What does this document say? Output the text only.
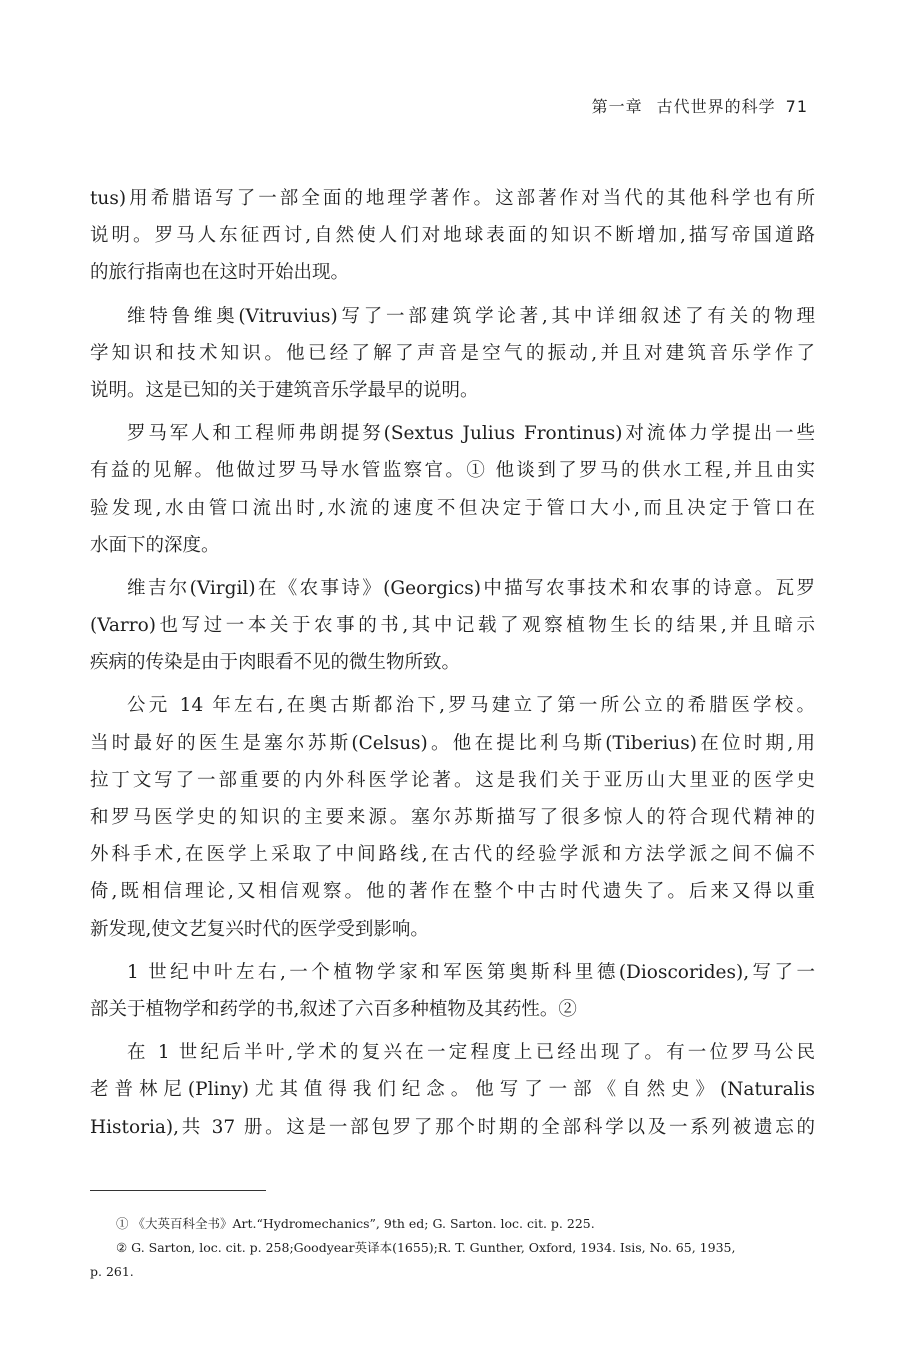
第一章 古代世界的科学 71
tus)用希腊语写了一部全面的地理学著作。这部著作对当代的其他科学也有所
说明。罗马人东征西讨,自然使人们对地球表面的知识不断增加,描写帝国道路
的旅行指南也在这时开始出现。
维特鲁维奥(Vitruvius)写了一部建筑学论著,其中详细叙述了有关的物理
学知识和技术知识。他已经了解了声音是空气的振动,并且对建筑音乐学作了
说明。这是已知的关于建筑音乐学最早的说明。
罗马军人和工程师弗朗提努(Sextus Julius Frontinus)对流体力学提出一些
有益的见解。他做过罗马导水管监察官。① 他谈到了罗马的供水工程,并且由实
验发现,水由管口流出时,水流的速度不但决定于管口大小,而且决定于管口在
水面下的深度。
维吉尔(Virgil)在《农事诗》(Georgics)中描写农事技术和农事的诗意。瓦罗
(Varro)也写过一本关于农事的书,其中记载了观察植物生长的结果,并且暗示
疾病的传染是由于肉眼看不见的微生物所致。
公元 14 年左右,在奥古斯都治下,罗马建立了第一所公立的希腊医学校。
当时最好的医生是塞尔苏斯(Celsus)。他在提比利乌斯(Tiberius)在位时期,用
拉丁文写了一部重要的内外科医学论著。这是我们关于亚历山大里亚的医学史
和罗马医学史的知识的主要来源。塞尔苏斯描写了很多惊人的符合现代精神的
外科手术,在医学上采取了中间路线,在古代的经验学派和方法学派之间不偏不
倚,既相信理论,又相信观察。他的著作在整个中古时代遗失了。后来又得以重
新发现,使文艺复兴时代的医学受到影响。
1 世纪中叶左右,一个植物学家和军医第奥斯科里德(Dioscorides),写了一
部关于植物学和药学的书,叙述了六百多种植物及其药性。②
在 1 世纪后半叶,学术的复兴在一定程度上已经出现了。有一位罗马公民
老普林尼(Pliny)尤其值得我们纪念。他写了一部《自然史》(Naturalis
Historia),共 37 册。这是一部包罗了那个时期的全部科学以及一系列被遗忘的
① 《大英百科全书》Art.“Hydromechanics”, 9th ed; G. Sarton. loc. cit. p. 225.
② G. Sarton, loc. cit. p. 258;Goodyear英译本(1655);R. T. Gunther, Oxford, 1934. Isis, No. 65, 1935,
p. 261.
